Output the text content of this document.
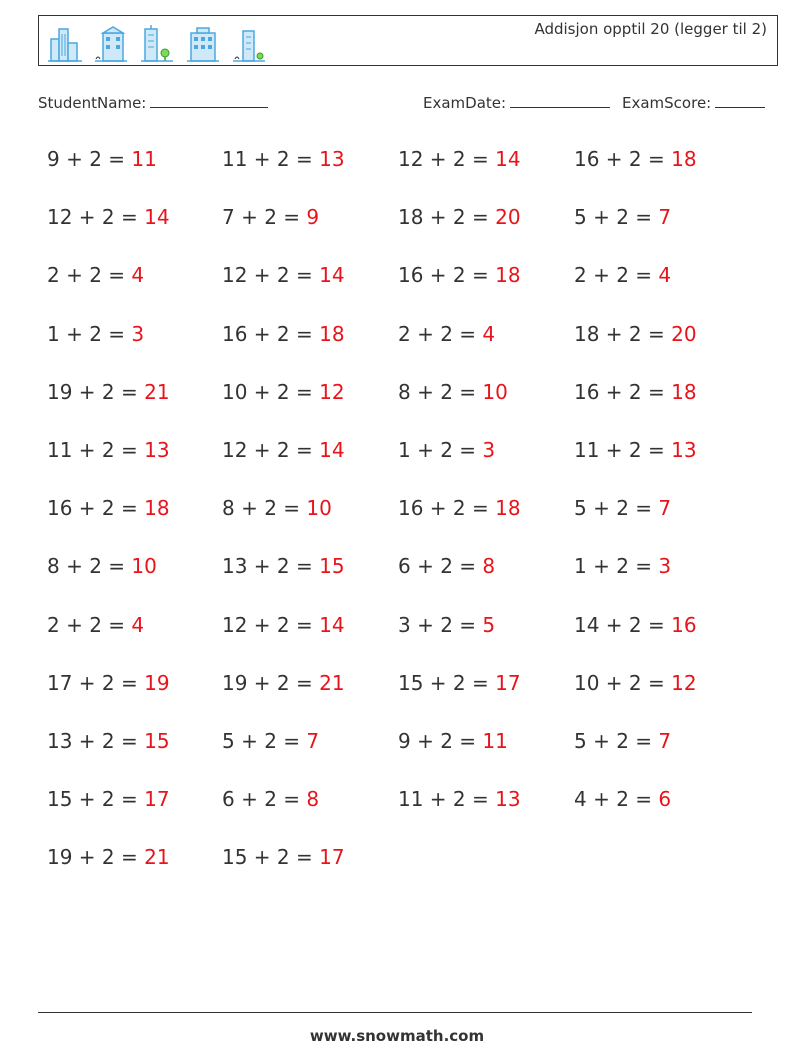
Addisjon opptil 20 (legger til 2)
StudentName:	ExamDate:	ExamScore:
9 + 2 = 11	11 + 2 = 13	12 + 2 = 14	16 + 2 = 18
12 + 2 = 14	7 + 2 = 9	18 + 2 = 20	5 + 2 = 7
2 + 2 = 4	12 + 2 = 14	16 + 2 = 18	2 + 2 = 4
1 + 2 = 3	16 + 2 = 18	2 + 2 = 4	18 + 2 = 20
19 + 2 = 21	10 + 2 = 12	8 + 2 = 10	16 + 2 = 18
11 + 2 = 13	12 + 2 = 14	1 + 2 = 3	11 + 2 = 13
16 + 2 = 18	8 + 2 = 10	16 + 2 = 18	5 + 2 = 7
8 + 2 = 10	13 + 2 = 15	6 + 2 = 8	1 + 2 = 3
2 + 2 = 4	12 + 2 = 14	3 + 2 = 5	14 + 2 = 16
17 + 2 = 19	19 + 2 = 21	15 + 2 = 17	10 + 2 = 12
13 + 2 = 15	5 + 2 = 7	9 + 2 = 11	5 + 2 = 7
15 + 2 = 17	6 + 2 = 8	11 + 2 = 13	4 + 2 = 6
19 + 2 = 21	15 + 2 = 17
www.snowmath.com
